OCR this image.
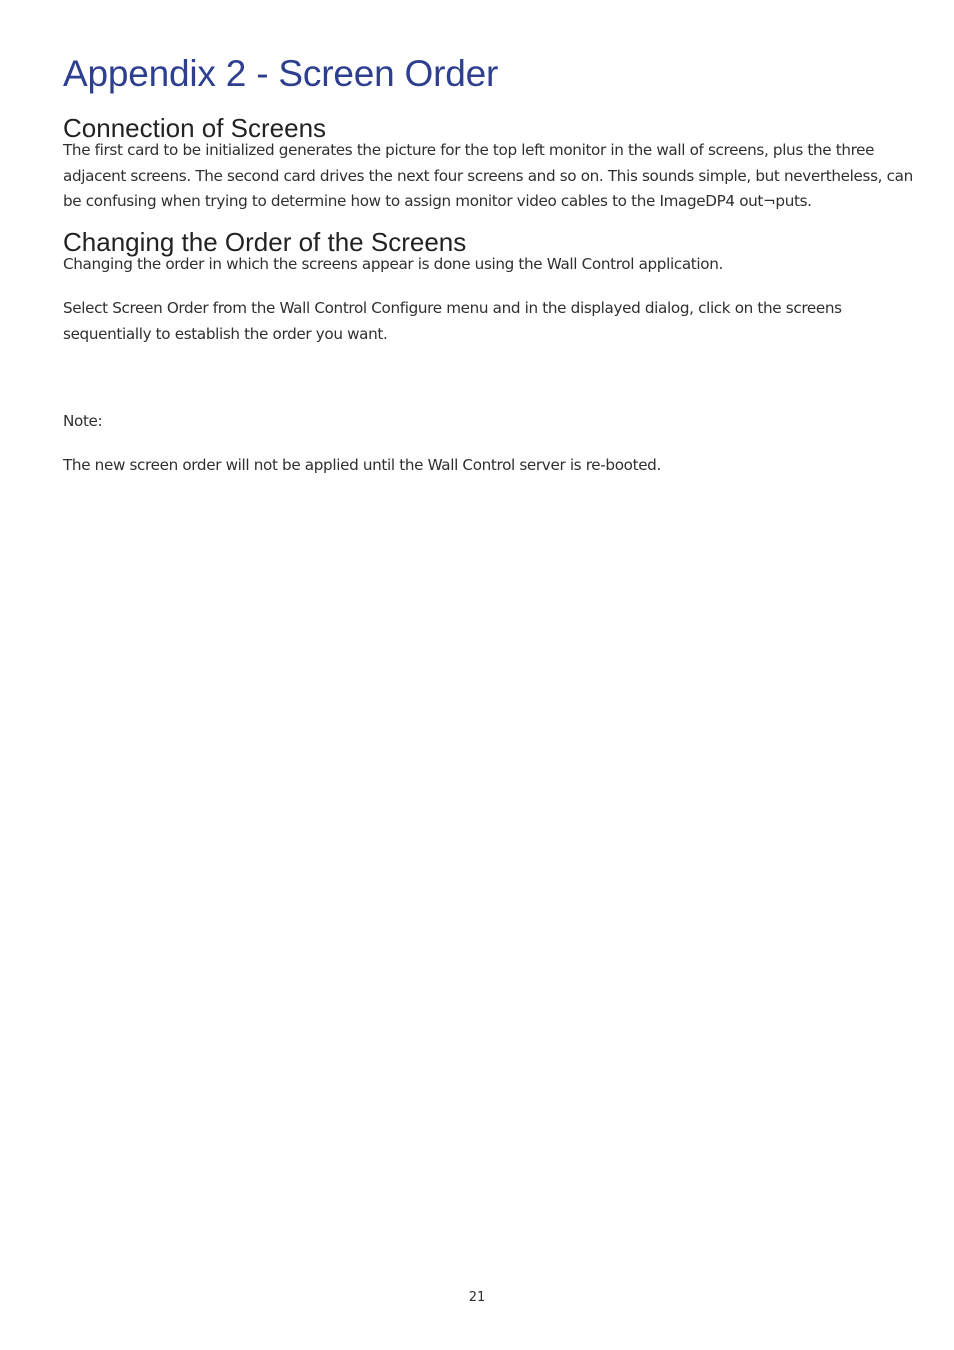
Appendix 2 - Screen Order
Connection of Screens

The first card to be initialized generates the picture for the top left monitor in the wall of screens, plus the three adjacent screens. The second card drives the next four screens and so on. This sounds simple, but nevertheless, can be confusing when trying to determine how to assign monitor video cables to the ImageDP4 out¬puts.

Changing the Order of the Screens

Changing the order in which the screens appear is done using the Wall Control application.

Select Screen Order from the Wall Control Configure menu and in the displayed dialog, click on the screens sequentially to establish the order you want.

Note:

The new screen order will not be applied until the Wall Control server is re-booted.

21
